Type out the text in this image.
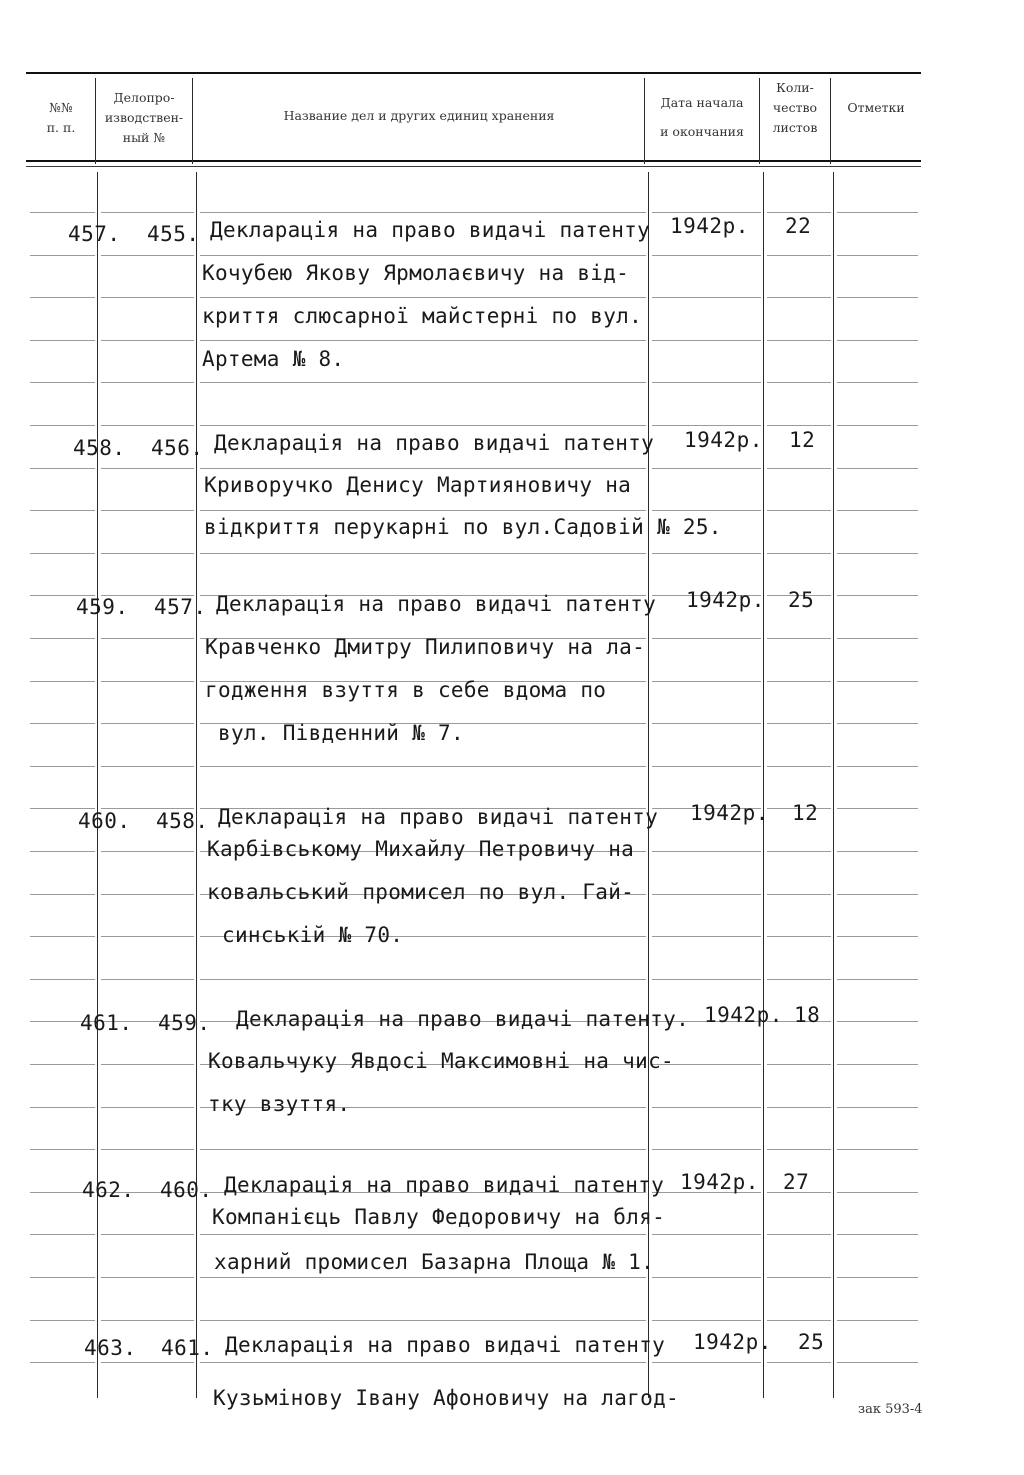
№№
п. п.
Делопро-
изводствен-
ный №
Название дел и других единиц хранения
Дата начала
и окончания
Коли-
чество
листов
Отметки
457. 455. Декларація на право видачі патенту
Кочубею Якову Ярмолаєвичу на від-
криття слюсарної майстерні по вул.
Артема № 8.
1942р. 22
458. 456. Декларація на право видачі патенту
Криворучко Денису Мартияновичу на
відкриття перукарні по вул.Садовій № 25.
1942р. 12
459. 457. Декларація на право видачі патенту
Кравченко Дмитру Пилиповичу на ла-
годження взуття в себе вдома по
вул. Південний № 7.
1942р. 25
460. 458. Декларація на право видачі патенту
Карбівському Михайлу Петровичу на
ковальський промисел по вул. Гай-
синській № 70.
1942р. 12
461. 459. Декларація на право видачі патенту.
Ковальчуку Явдосі Максимовні на чис-
тку взуття.
1942р. 18
462. 460. Декларація на право видачі патенту
Компанієць Павлу Федоровичу на бля-
харний промисел Базарна Площа № 1.
1942р. 27
463. 461. Декларація на право видачі патенту
Кузьмінову Івану Афоновичу на лагод-
1942р. 25
зак 593-4
